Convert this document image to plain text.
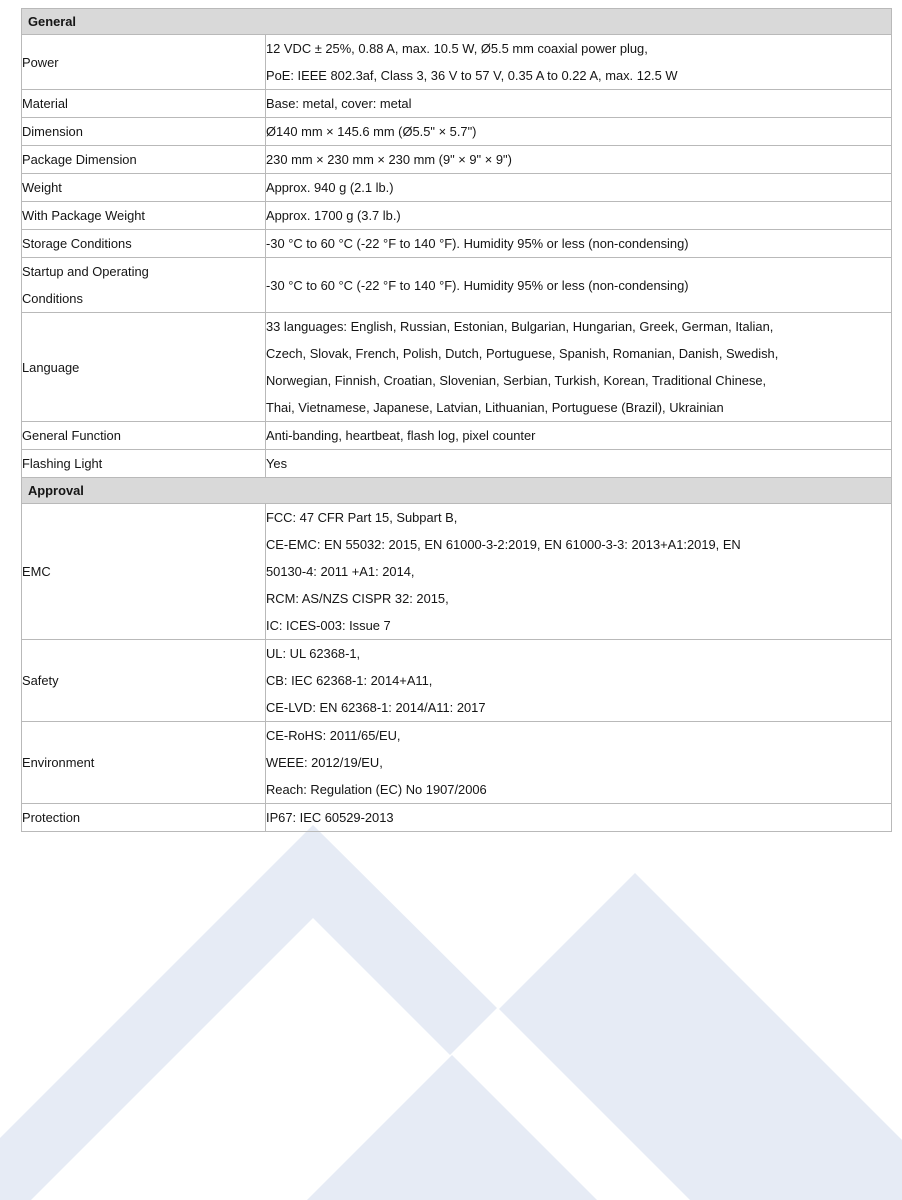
General	

Power	12 VDC ± 25%, 0.88 A, max. 10.5 W, Ø5.5 mm coaxial power plug,
PoE: IEEE 802.3af, Class 3, 36 V to 57 V, 0.35 A to 0.22 A, max. 12.5 W

Material	Base: metal, cover: metal

Dimension	Ø140 mm × 145.6 mm (Ø5.5" × 5.7")

Package Dimension	230 mm × 230 mm × 230 mm (9" × 9" × 9")

Weight	Approx. 940 g (2.1 lb.)

With Package Weight	Approx. 1700 g (3.7 lb.)

Storage Conditions	-30 °C to 60 °C (-22 °F to 140 °F). Humidity 95% or less (non-condensing)

Startup and Operating
Conditions	-30 °C to 60 °C (-22 °F to 140 °F). Humidity 95% or less (non-condensing)

Language	33 languages: English, Russian, Estonian, Bulgarian, Hungarian, Greek, German, Italian,
Czech, Slovak, French, Polish, Dutch, Portuguese, Spanish, Romanian, Danish, Swedish,
Norwegian, Finnish, Croatian, Slovenian, Serbian, Turkish, Korean, Traditional Chinese,
Thai, Vietnamese, Japanese, Latvian, Lithuanian, Portuguese (Brazil), Ukrainian

General Function	Anti-banding, heartbeat, flash log, pixel counter

Flashing Light	Yes

Approval	

EMC	FCC: 47 CFR Part 15, Subpart B,
CE-EMC: EN 55032: 2015, EN 61000-3-2:2019, EN 61000-3-3: 2013+A1:2019, EN
50130-4: 2011 +A1: 2014,
RCM: AS/NZS CISPR 32: 2015,
IC: ICES-003: Issue 7

Safety	UL: UL 62368-1,
CB: IEC 62368-1: 2014+A11,
CE-LVD: EN 62368-1: 2014/A11: 2017

Environment	CE-RoHS: 2011/65/EU,
WEEE: 2012/19/EU,
Reach: Regulation (EC) No 1907/2006

Protection	IP67: IEC 60529-2013
